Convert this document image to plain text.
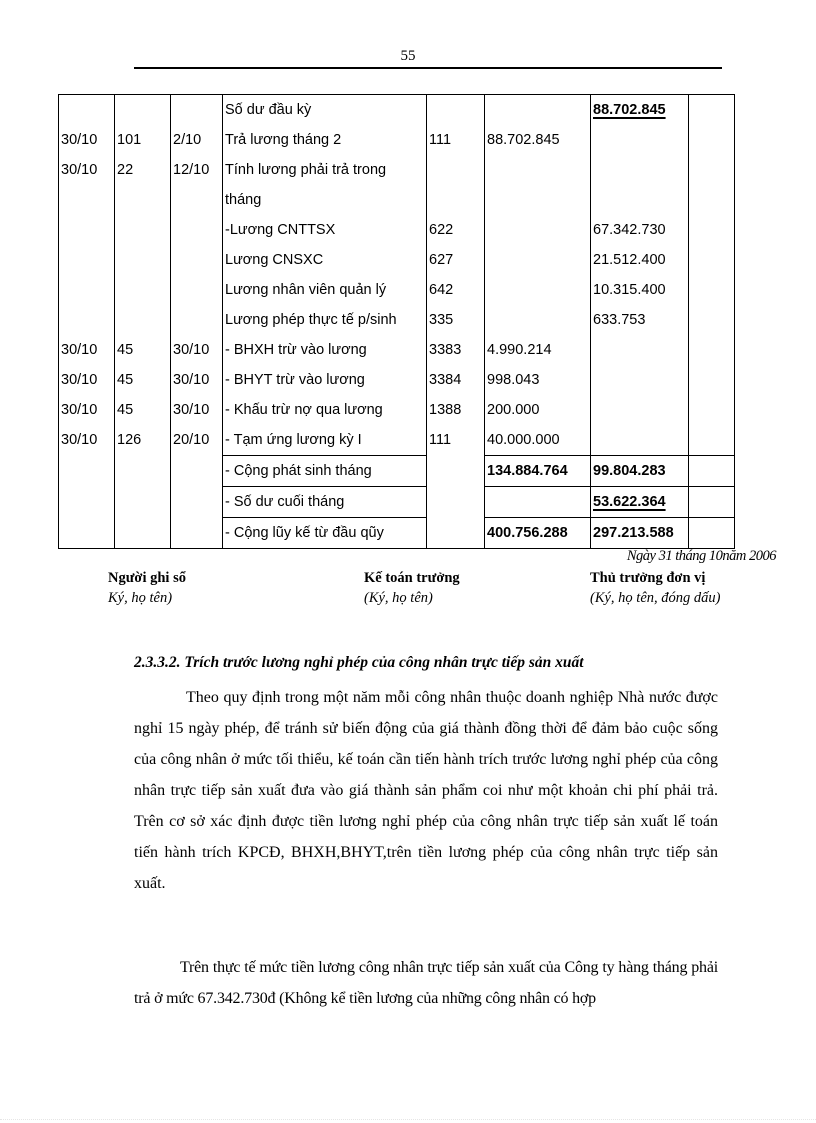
55
			Số dư đầu kỳ			88.702.845	
30/10	101	2/10	Trả lương tháng 2	111	88.702.845		
30/10	22	12/10	Tính lương phải trả trong				
			tháng				
			-Lương CNTTSX	622		67.342.730	
			Lương CNSXC	627		21.512.400	
			Lương nhân viên quản lý	642		10.315.400	
			Lương phép thực tế p/sinh	335		633.753	
30/10	45	30/10	- BHXH trừ vào lương	3383	4.990.214		
30/10	45	30/10	- BHYT trừ vào lương	3384	998.043		
30/10	45	30/10	- Khấu trừ nợ qua lương	1388	200.000		
30/10	126	20/10	- Tạm ứng lương kỳ I	111	40.000.000		
			- Cộng phát sinh tháng		134.884.764	99.804.283	
			- Số dư cuối tháng			53.622.364	
			- Cộng lũy kế từ đầu qũy		400.756.288	297.213.588	
Ngày 31 tháng 10năm 2006
Người ghi sổ
Ký, họ tên)
Kế toán trưởng
(Ký, họ tên)
Thủ trưởng đơn vị
(Ký, họ tên, đóng dấu)
2.3.3.2. Trích trước lương nghỉ phép của công nhân trực tiếp sản xuất
Theo quy định trong một năm mỗi công nhân thuộc doanh nghiệp Nhà nước được nghỉ 15 ngày phép, để tránh sử biến động của giá thành đồng thời để đảm bảo cuộc sống của công nhân ở mức tối thiểu, kế toán cần tiến hành trích trước lương nghỉ phép của công nhân trực tiếp sản xuất đưa vào giá thành sản phẩm coi như một khoản chi phí phải trả. Trên cơ sở xác định được tiền lương nghỉ phép của công nhân trực tiếp sản xuất lế toán tiến hành trích KPCĐ, BHXH,BHYT,trên tiền lương phép của công nhân trực tiếp sản xuất.
Trên thực tế mức tiền lương công nhân trực tiếp sản xuất của Công ty hàng tháng phải trả ở mức 67.342.730đ (Không kể tiền lương của những công nhân có hợp
